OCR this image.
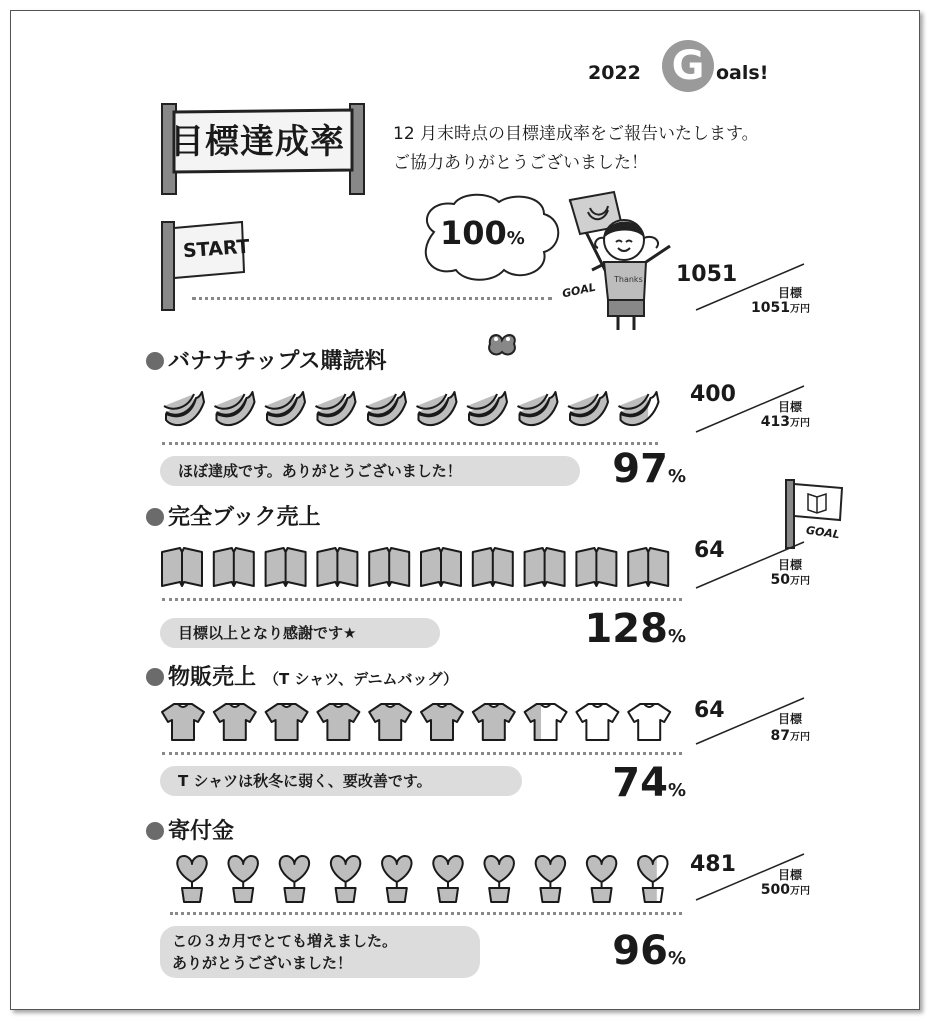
2022 G oals!
目標達成率	12 月末時点の目標達成率をご報告いたします。
ご協力ありがとうございました！
100%
START
GOAL
Thanks 1051
目標
1051万円
バナナチップス購読料
400	目標
413万円
ほぼ達成です。ありがとうございました！	97%
完全ブック売上
GOAL
64
目標
50万円
目標以上となり感謝です★	128%
物販売上 （T シャツ、デニムバッグ）
64	目標
87万円
T シャツは秋冬に弱く、要改善です。	74%
寄付金
481	目標
500万円
この３カ月でとても増えました。
ありがとうございました！	96%
